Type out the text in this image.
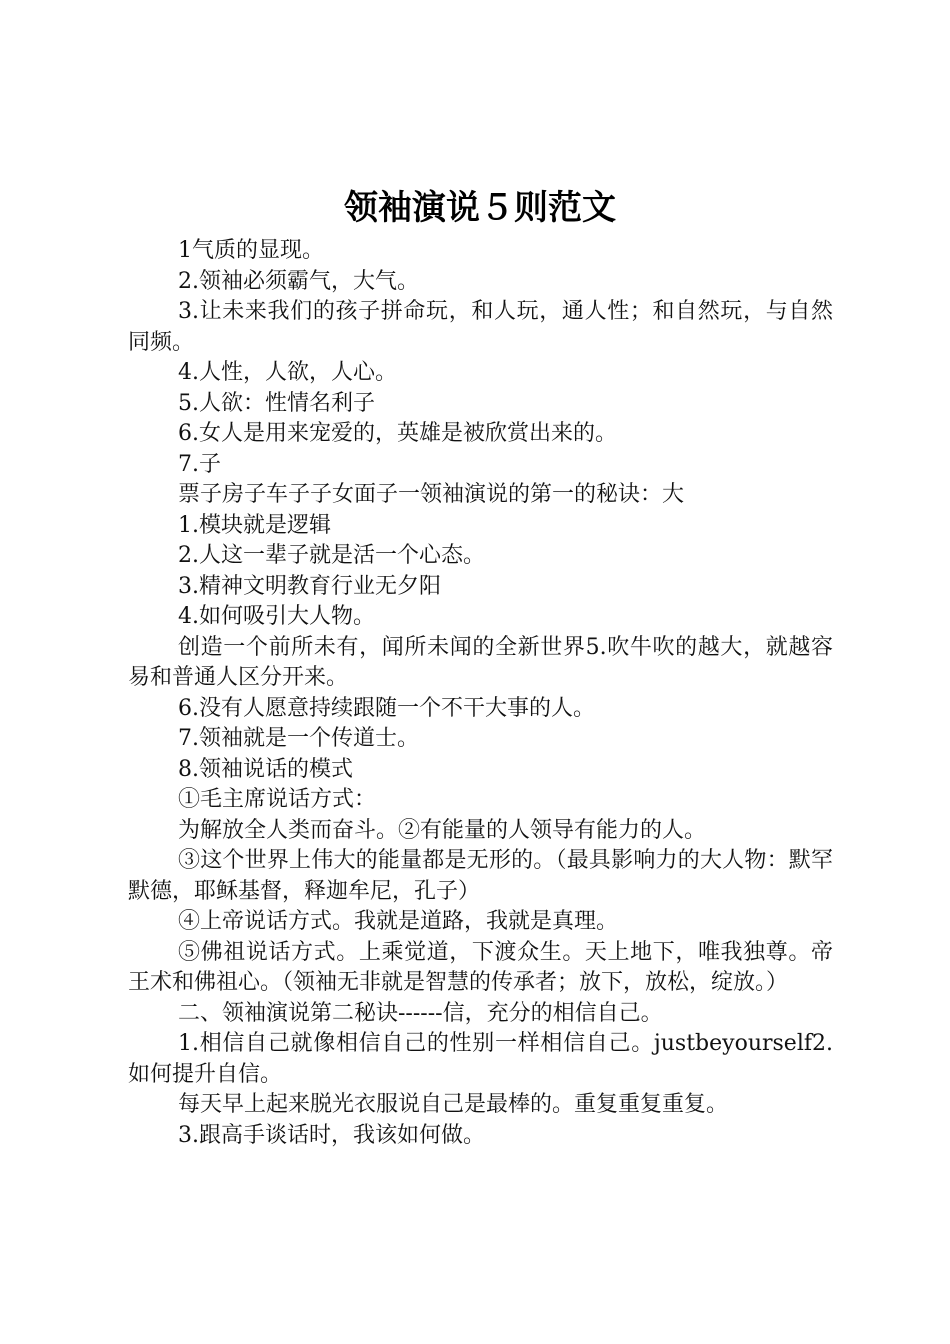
领袖演说５则范文

1气质的显现。

2.领袖必须霸气，大气。

3.让未来我们的孩子拼命玩，和人玩，通人性；和自然玩，与自然同频。

4.人性，人欲，人心。

5.人欲：性情名利子

6.女人是用来宠爱的，英雄是被欣赏出来的。

7.子

票子房子车子子女面子一领袖演说的第一的秘诀：大

1.模块就是逻辑

2.人这一辈子就是活一个心态。

3.精神文明教育行业无夕阳

4.如何吸引大人物。

创造一个前所未有，闻所未闻的全新世界5.吹牛吹的越大，就越容易和普通人区分开来。

6.没有人愿意持续跟随一个不干大事的人。

7.领袖就是一个传道士。

8.领袖说话的模式

①毛主席说话方式：

为解放全人类而奋斗。②有能量的人领导有能力的人。

③这个世界上伟大的能量都是无形的。（最具影响力的大人物：默罕默德，耶稣基督，释迦牟尼，孔子）

④上帝说话方式。我就是道路，我就是真理。

⑤佛祖说话方式。上乘觉道，下渡众生。天上地下，唯我独尊。帝王术和佛祖心。（领袖无非就是智慧的传承者；放下，放松，绽放。）

二、领袖演说第二秘诀------信，充分的相信自己。

1.相信自己就像相信自己的性别一样相信自己。justbeyourself2.如何提升自信。

每天早上起来脱光衣服说自己是最棒的。重复重复重复。

3.跟高手谈话时，我该如何做。
